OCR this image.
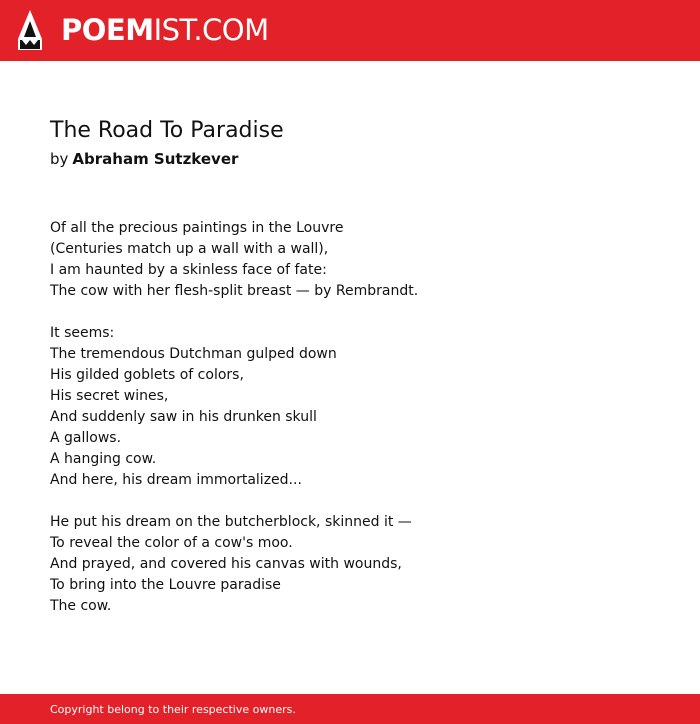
POEMIST.COM
The Road To Paradise
by Abraham Sutzkever
Of all the precious paintings in the Louvre
(Centuries match up a wall with a wall),
I am haunted by a skinless face of fate:
The cow with her flesh-split breast — by Rembrandt.
It seems:
The tremendous Dutchman gulped down
His gilded goblets of colors,
His secret wines,
And suddenly saw in his drunken skull
A gallows.
A hanging cow.
And here, his dream immortalized...
He put his dream on the butcherblock, skinned it —
To reveal the color of a cow's moo.
And prayed, and covered his canvas with wounds,
To bring into the Louvre paradise
The cow.
Copyright belong to their respective owners.
